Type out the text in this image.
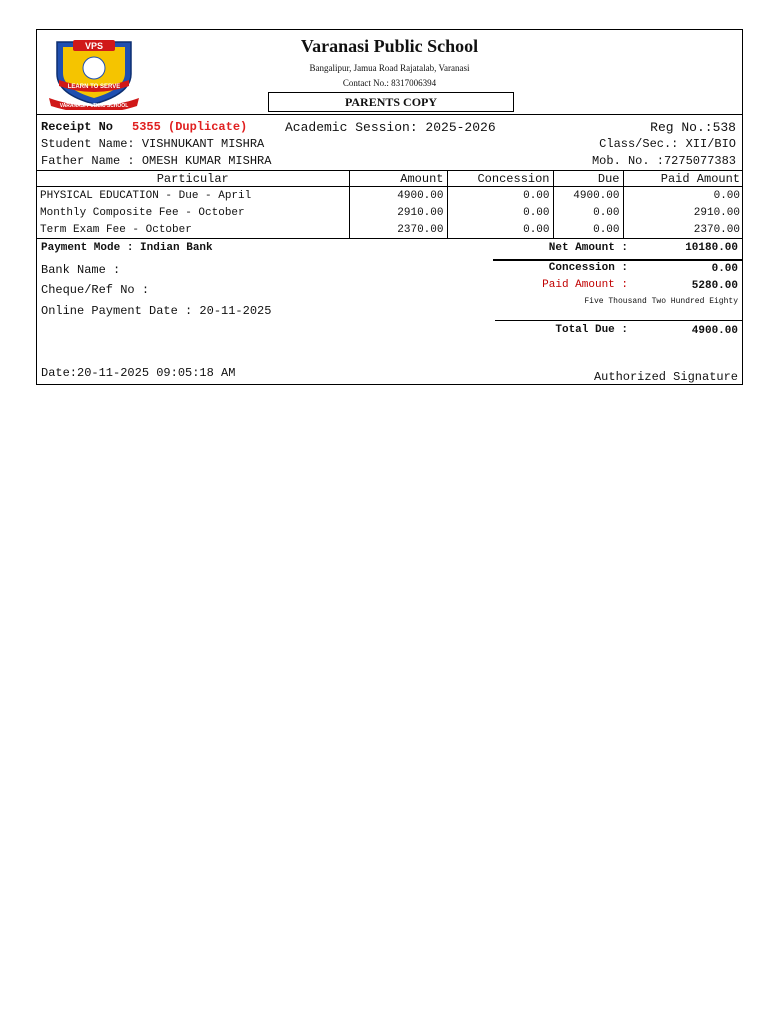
VPS
LEARN TO SERVE
VARANASI PUBLIC SCHOOL
Varanasi Public School
Bangalipur, Jamua Road Rajatalab, Varanasi
Contact No.: 8317006394
PARENTS COPY
Receipt No 5355 (Duplicate)	Academic Session: 2025-2026	Reg No.:538
Student Name: VISHNUKANT MISHRA	Class/Sec.: XII/BIO
Father Name : OMESH KUMAR MISHRA	Mob. No. :7275077383
Particular	Amount	Concession	Due	Paid Amount
PHYSICAL EDUCATION - Due - April	4900.00	0.00	4900.00	0.00
Monthly Composite Fee - October	2910.00	0.00	0.00	2910.00
Term Exam Fee - October	2370.00	0.00	0.00	2370.00
Payment Mode : Indian Bank
Bank Name :
Cheque/Ref No :
Online Payment Date : 20-11-2025
Net Amount :	10180.00
Concession :	0.00
Paid Amount :	5280.00
Five Thousand Two Hundred Eighty
Total Due :	4900.00
Date:20-11-2025 09:05:18 AM	Authorized Signature
